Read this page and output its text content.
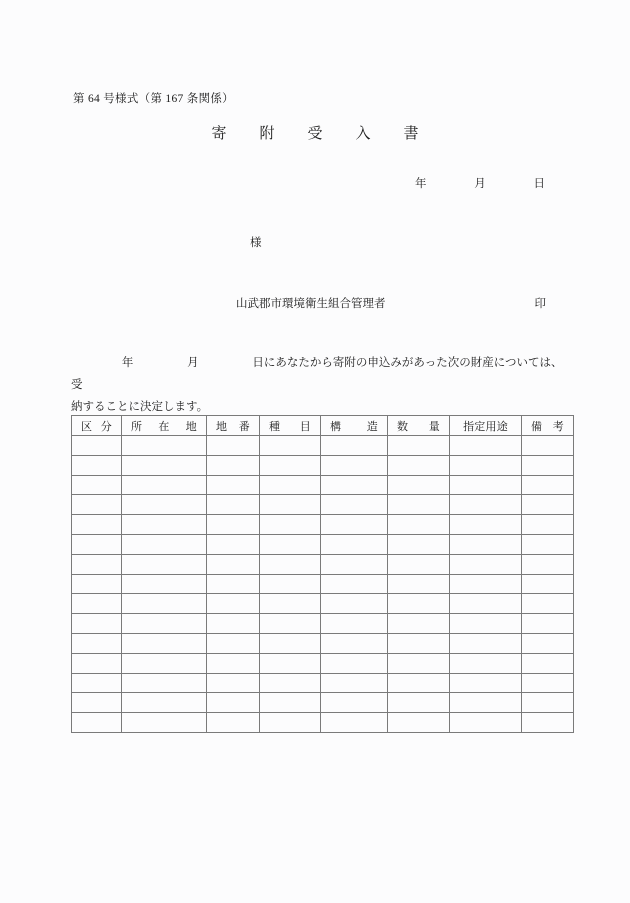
第 64 号様式（第 167 条関係）
寄　附　受　入　書
年	月	日
様
山武郡市環境衛生組合管理者	印
年	月	日にあなたから寄附の申込みがあった次の財産については、受
納することに決定します。
区 分	所 在 地	地 番	種 目	構 造	数 量	指定用途	備 考
